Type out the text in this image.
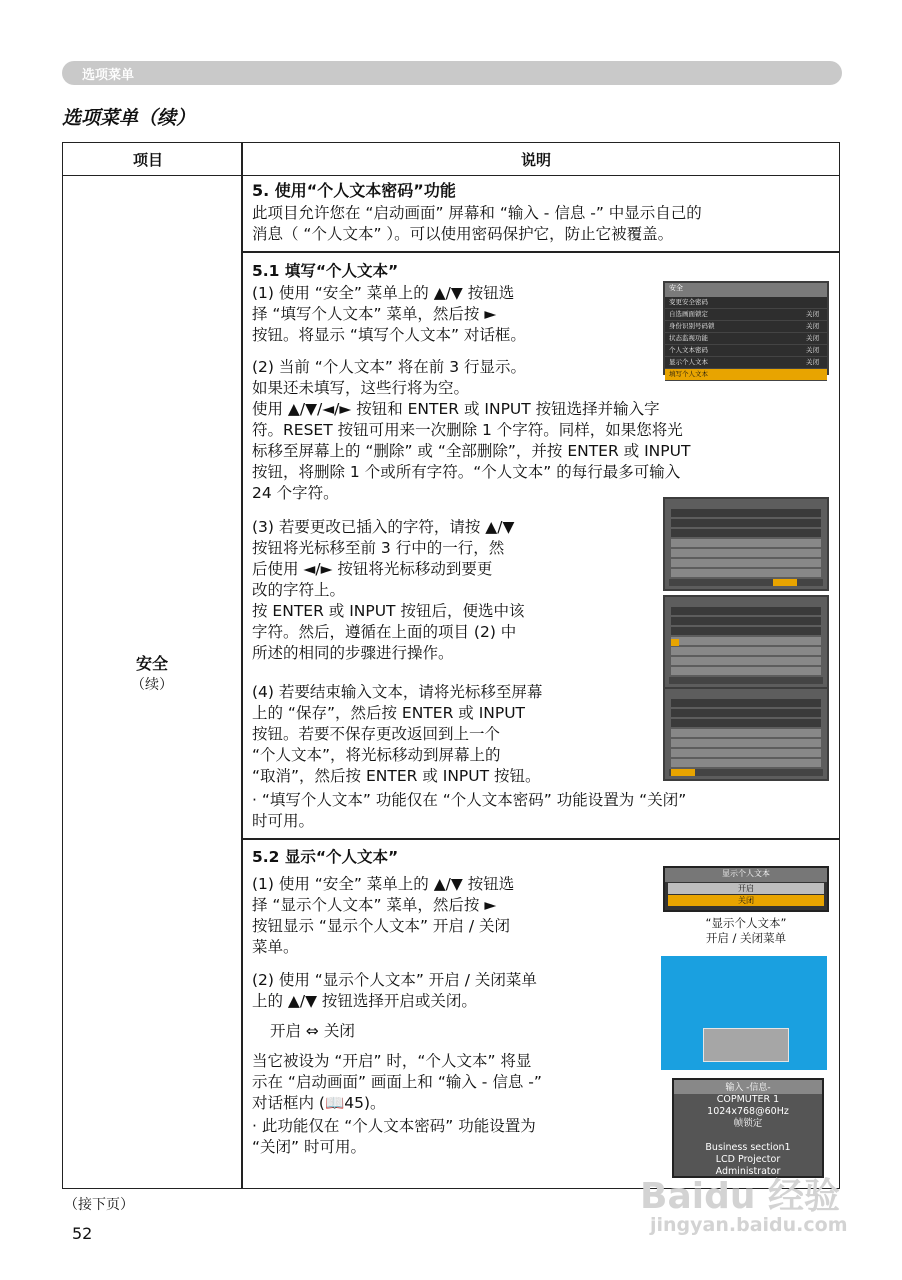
选项菜单
选项菜单（续）
项目	说明
安全
（续）
5. 使用“个人文本密码”功能
此项目允许您在 “启动画面” 屏幕和 “输入 - 信息 -” 中显示自己的
消息（ “个人文本” ）。可以使用密码保护它，防止它被覆盖。
5.1 填写“个人文本”
(1) 使用 “安全” 菜单上的 ▲/▼ 按钮选
择 “填写个人文本” 菜单，然后按 ►
按钮。将显示 “填写个人文本” 对话框。
(2) 当前 “个人文本” 将在前 3 行显示。
如果还未填写，这些行将为空。
使用 ▲/▼/◄/► 按钮和 ENTER 或 INPUT 按钮选择并输入字
符。RESET 按钮可用来一次删除 1 个字符。同样，如果您将光
标移至屏幕上的 “删除” 或 “全部删除”，并按 ENTER 或 INPUT
按钮，将删除 1 个或所有字符。“个人文本” 的每行最多可输入
24 个字符。
(3) 若要更改已插入的字符，请按 ▲/▼
按钮将光标移至前 3 行中的一行，然
后使用 ◄/► 按钮将光标移动到要更
改的字符上。
按 ENTER 或 INPUT 按钮后，便选中该
字符。然后，遵循在上面的项目 (2) 中
所述的相同的步骤进行操作。
(4) 若要结束输入文本，请将光标移至屏幕
上的 “保存”，然后按 ENTER 或 INPUT
按钮。若要不保存更改返回到上一个
“个人文本”，将光标移动到屏幕上的
“取消”，然后按 ENTER 或 INPUT 按钮。
· “填写个人文本” 功能仅在 “个人文本密码” 功能设置为 “关闭”
时可用。
安全
变更安全密码
自选画面锁定	关闭
身份识别号码锁	关闭
状态监视功能	关闭
个人文本密码	关闭
显示个人文本	关闭
填写个人文本
5.2 显示“个人文本”
(1) 使用 “安全” 菜单上的 ▲/▼ 按钮选
择 “显示个人文本” 菜单，然后按 ►
按钮显示 “显示个人文本” 开启 / 关闭
菜单。
(2) 使用 “显示个人文本” 开启 / 关闭菜单
上的 ▲/▼ 按钮选择开启或关闭。
开启 ⇔ 关闭
当它被设为 “开启” 时，“个人文本” 将显
示在 “启动画面” 画面上和 “输入 - 信息 -”
对话框内 (📖45)。
· 此功能仅在 “个人文本密码” 功能设置为
“关闭” 时可用。
显示个人文本
开启
关闭
“显示个人文本”
开启 / 关闭菜单
输入 -信息-
COPMUTER 1
1024x768@60Hz
帧锁定

Business section1
LCD Projector
Administrator
（接下页）
52
Baidu 经验
jingyan.baidu.com
